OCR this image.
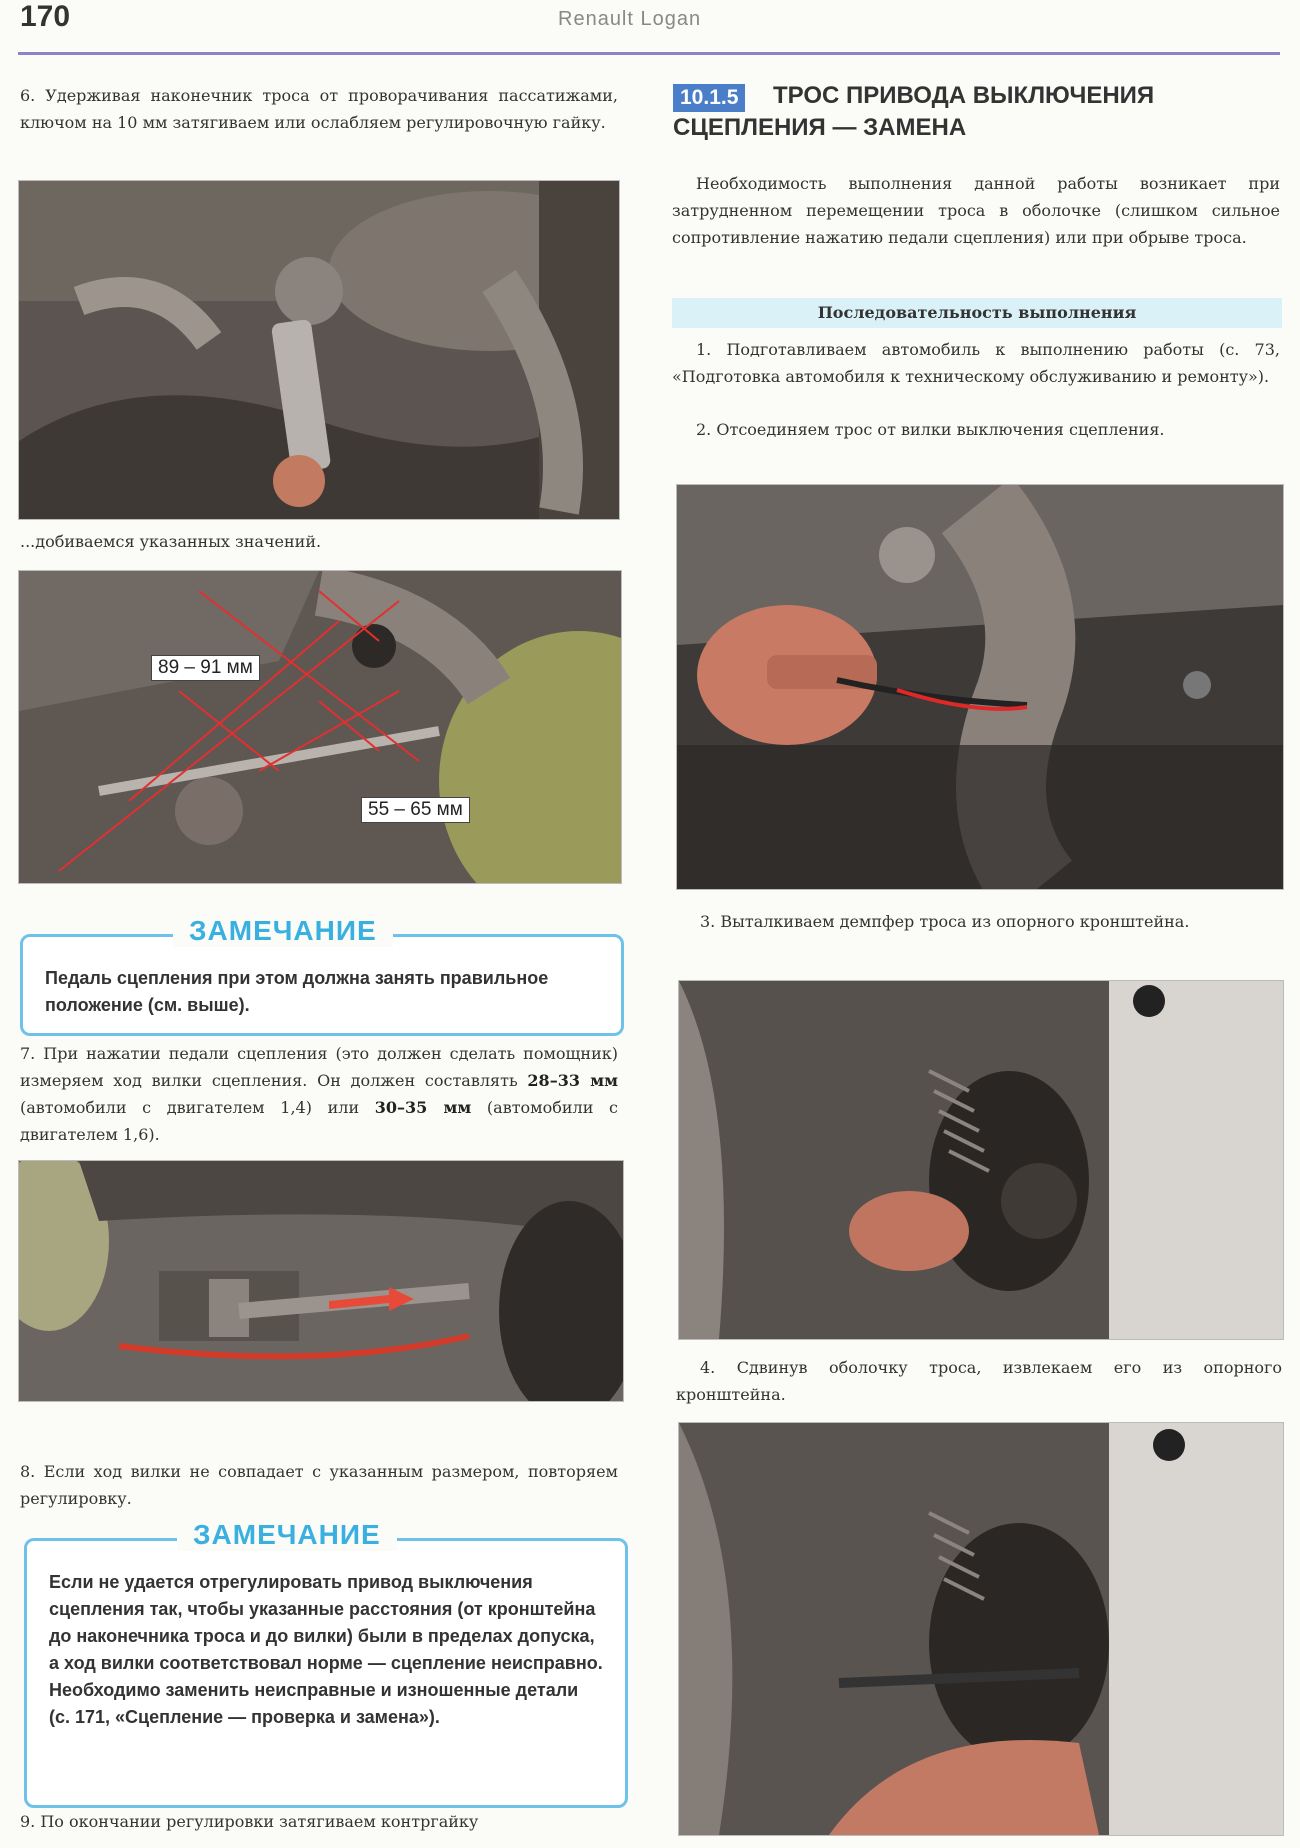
170	Renault Logan

6. Удерживая наконечник троса от проворачивания пассатижами, ключом на 10 мм затягиваем или ослабляем регулировочную гайку.

...добиваемся указанных значений.

89 – 91 мм
55 – 65 мм
ЗАМЕЧАНИЕ

Педаль сцепления при этом должна занять правильное положение (см. выше).

7. При нажатии педали сцепления (это должен сделать помощник) измеряем ход вилки сцепления. Он должен составлять 28–33 мм (автомобили с двигателем 1,4) или 30–35 мм (автомобили с двигателем 1,6).

8. Если ход вилки не совпадает с указанным размером, повторяем регулировку.

ЗАМЕЧАНИЕ

Если не удается отрегулировать привод выключения сцепления так, чтобы указанные расстояния (от кронштейна до наконечника троса и до вилки) были в пределах допуска, а ход вилки соответствовал норме — сцепление неисправно. Необходимо заменить неисправные и изношенные детали (с. 171, «Сцепление — проверка и замена»).

9. По окончании регулировки затягиваем контргайку

ТРОС ПРИВОДА ВЫКЛЮЧЕНИЯ СЦЕПЛЕНИЯ — ЗАМЕНА

10.1.5

Необходимость выполнения данной работы возникает при затрудненном перемещении троса в оболочке (слишком сильное сопротивление нажатию педали сцепления) или при обрыве троса.

Последовательность выполнения

1. Подготавливаем автомобиль к выполнению работы (с. 73, «Подготовка автомобиля к техническому обслуживанию и ремонту»).

2. Отсоединяем трос от вилки выключения сцепления.

3. Выталкиваем демпфер троса из опорного кронштейна.

4. Сдвинув оболочку троса, извлекаем его из опорного кронштейна.
